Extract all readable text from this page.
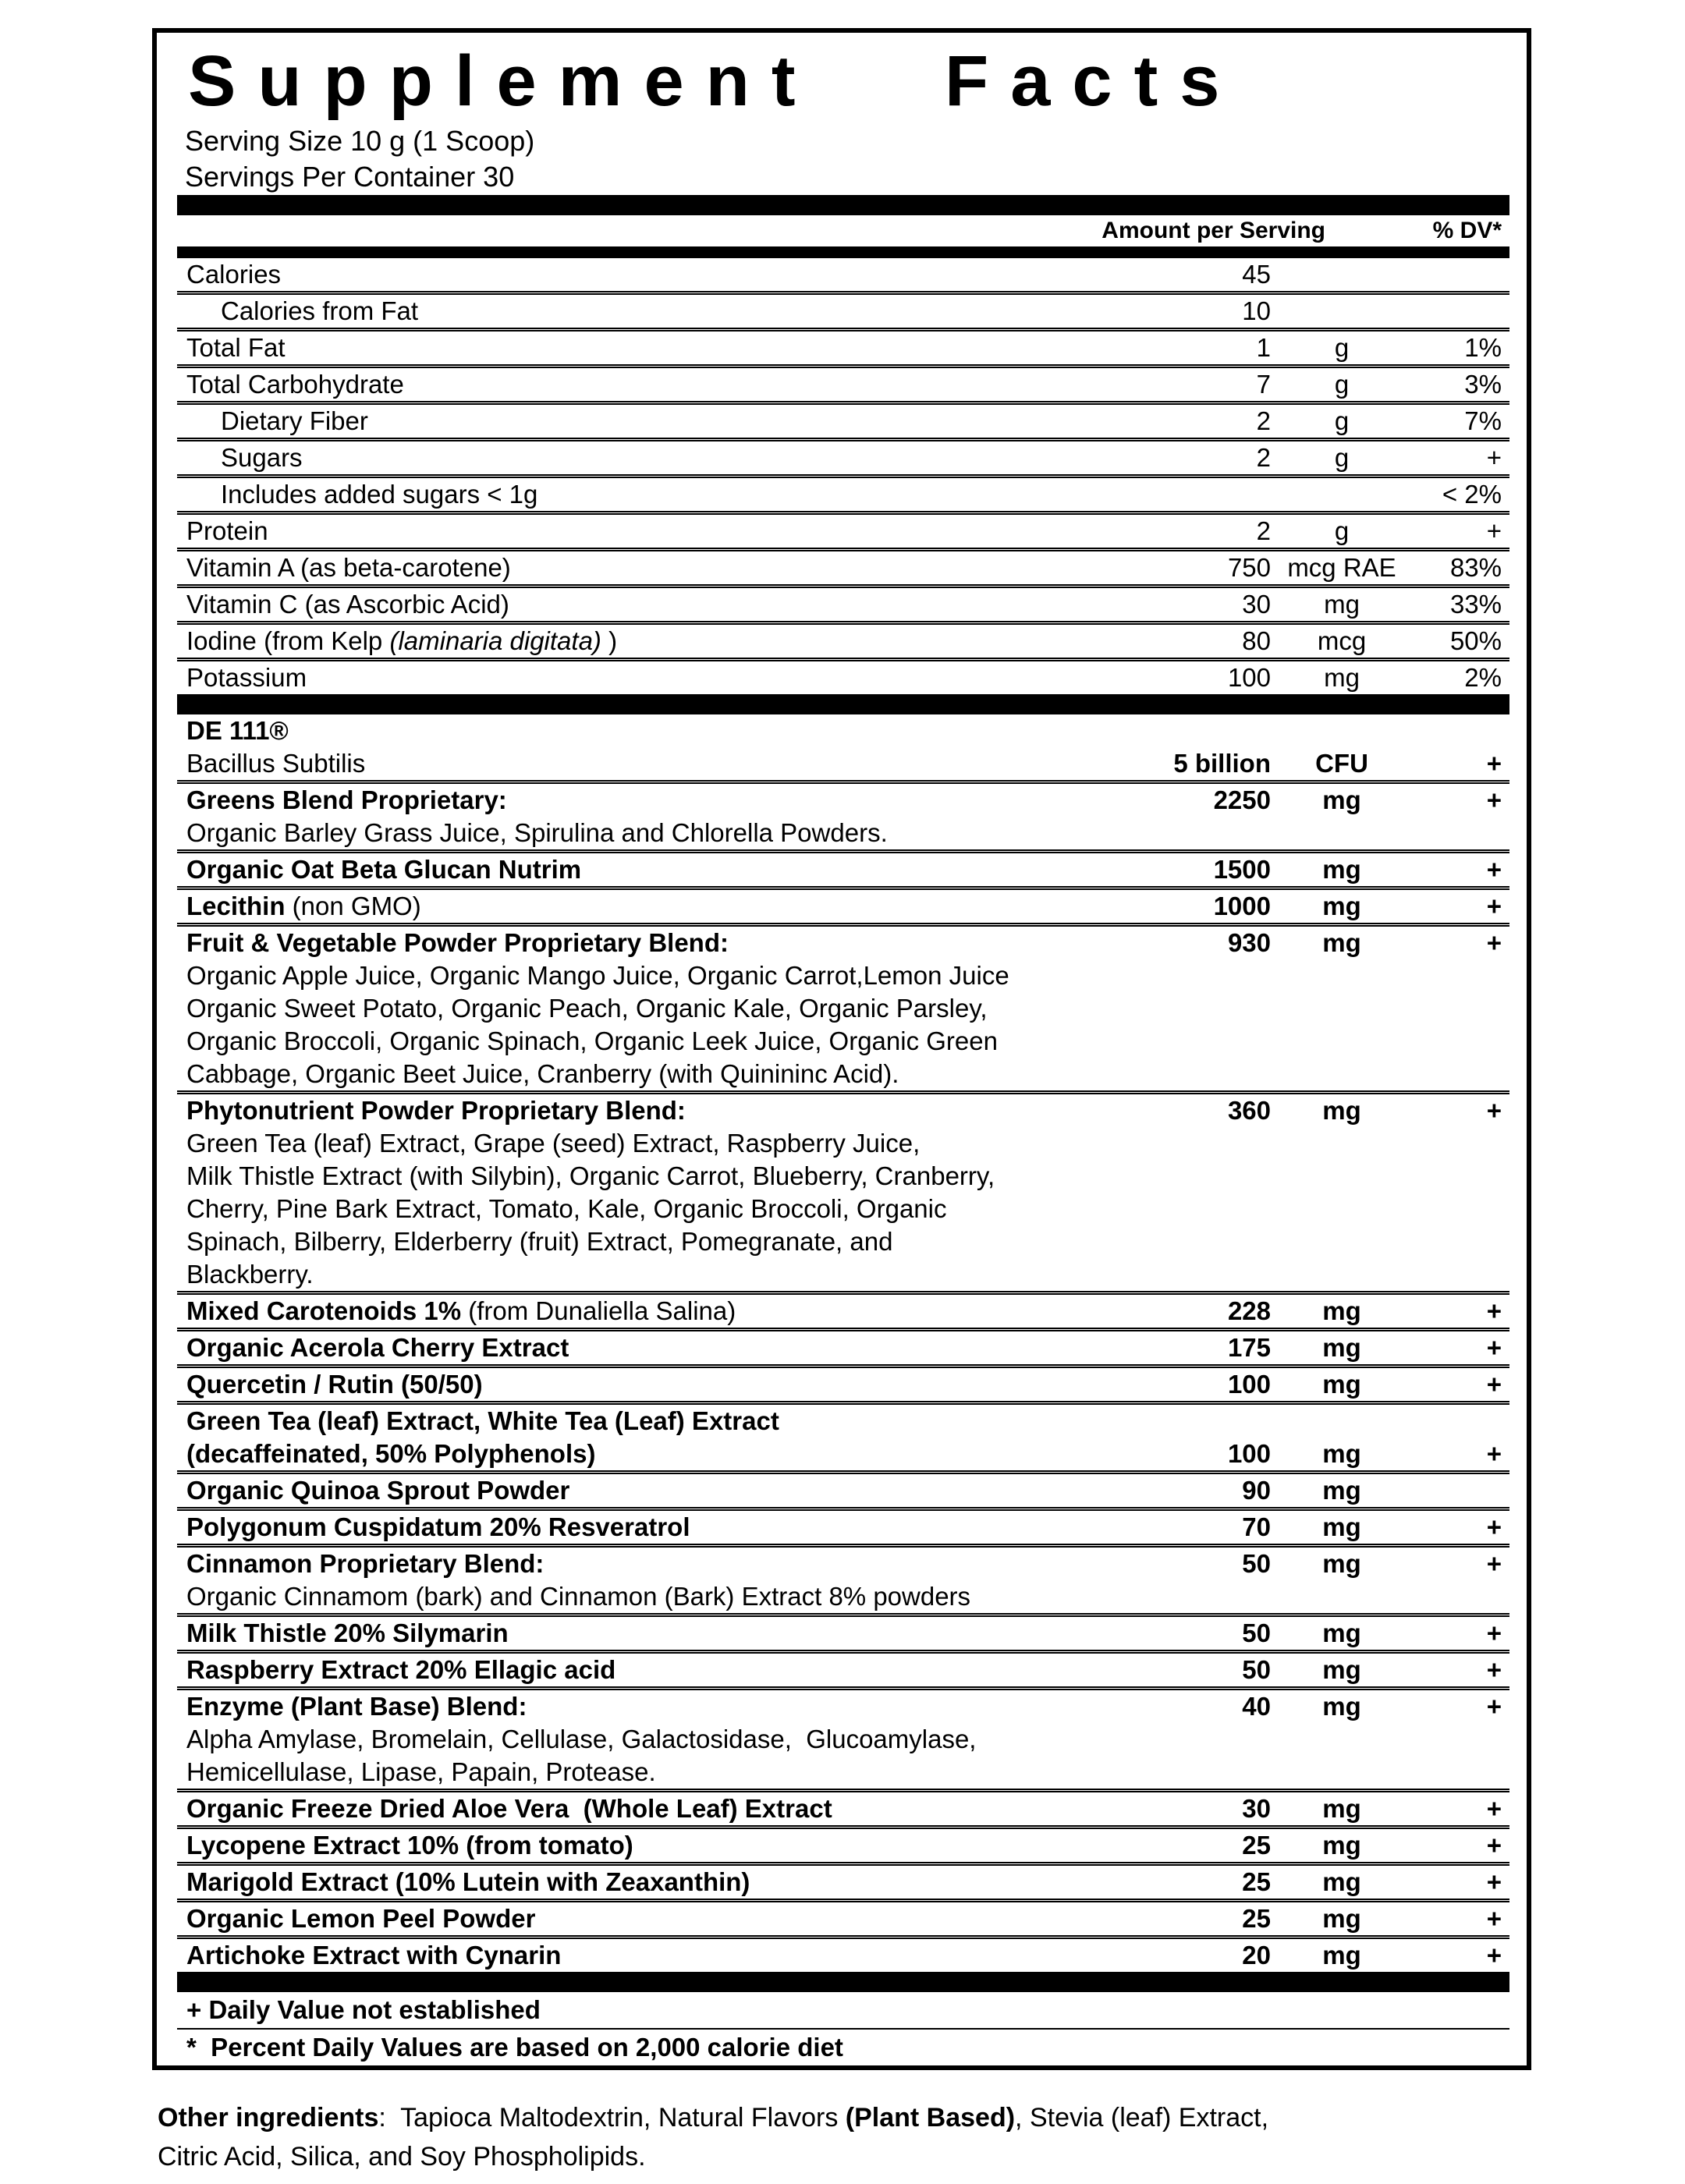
Supplement Facts
Serving Size 10 g (1 Scoop)
Servings Per Container 30
Amount per Serving	% DV*
Calories	45
Calories from Fat	10
Total Fat	1	g	1%
Total Carbohydrate	7	g	3%
Dietary Fiber	2	g	7%
Sugars	2	g	+
Includes added sugars < 1g	< 2%
Protein	2	g	+
Vitamin A (as beta-carotene)	750 mcg RAE	83%
Vitamin C (as Ascorbic Acid)	30	mg	33%
Iodine (from Kelp (laminaria digitata) )	80	mcg	50%
Potassium	100	mg	2%
DE 111®
Bacillus Subtilis	5 billion	CFU	+
Greens Blend Proprietary:	2250	mg	+
Organic Barley Grass Juice, Spirulina and Chlorella Powders.
Organic Oat Beta Glucan Nutrim	1500	mg	+
Lecithin (non GMO)	1000	mg	+
Fruit & Vegetable Powder Proprietary Blend:	930	mg	+
Organic Apple Juice, Organic Mango Juice, Organic Carrot,Lemon Juice
Organic Sweet Potato, Organic Peach, Organic Kale, Organic Parsley,
Organic Broccoli, Organic Spinach, Organic Leek Juice, Organic Green
Cabbage, Organic Beet Juice, Cranberry (with Quinininc Acid).
Phytonutrient Powder Proprietary Blend:	360	mg	+
Green Tea (leaf) Extract, Grape (seed) Extract, Raspberry Juice,
Milk Thistle Extract (with Silybin), Organic Carrot, Blueberry, Cranberry,
Cherry, Pine Bark Extract, Tomato, Kale, Organic Broccoli, Organic
Spinach, Bilberry, Elderberry (fruit) Extract, Pomegranate, and
Blackberry.
Mixed Carotenoids 1% (from Dunaliella Salina)	228	mg	+
Organic Acerola Cherry Extract	175	mg	+
Quercetin / Rutin (50/50)	100	mg	+
Green Tea (leaf) Extract, White Tea (Leaf) Extract
(decaffeinated, 50% Polyphenols)	100	mg	+
Organic Quinoa Sprout Powder	90	mg
Polygonum Cuspidatum 20% Resveratrol	70	mg	+
Cinnamon Proprietary Blend:	50	mg	+
Organic Cinnamom (bark) and Cinnamon (Bark) Extract 8% powders
Milk Thistle 20% Silymarin	50	mg	+
Raspberry Extract 20% Ellagic acid	50	mg	+
Enzyme (Plant Base) Blend:	40	mg	+
Alpha Amylase, Bromelain, Cellulase, Galactosidase,  Glucoamylase,
Hemicellulase, Lipase, Papain, Protease.
Organic Freeze Dried Aloe Vera  (Whole Leaf) Extract	30	mg	+
Lycopene Extract 10% (from tomato)	25	mg	+
Marigold Extract (10% Lutein with Zeaxanthin)	25	mg	+
Organic Lemon Peel Powder	25	mg	+
Artichoke Extract with Cynarin	20	mg	+
+ Daily Value not established
*  Percent Daily Values are based on 2,000 calorie diet
Other ingredients:  Tapioca Maltodextrin, Natural Flavors (Plant Based), Stevia (leaf) Extract,
Citric Acid, Silica, and Soy Phospholipids.
